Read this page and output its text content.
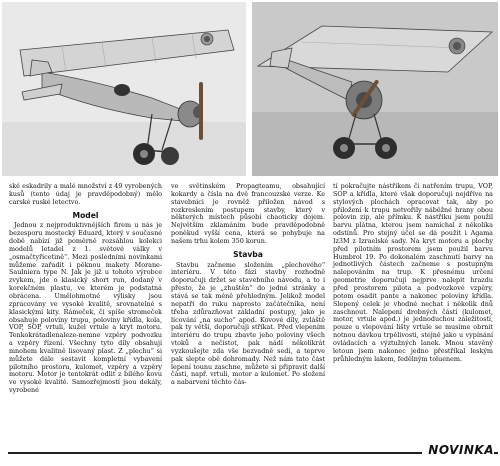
ské eskadrily a malé množství z 49 vyrobených kusů (tento údaj je pravděpodobný) mělo carské ruské letectvo.

Model

Jednou z nejproduktivnějších firem u nás je bezesporu mostecký Eduard, který v současné době nabízí již poměrně rozsáhlou kolekci modelů letadel z 1. světové války v „osmačtyřicetině“. Mezi posledními novinkami můžeme zařadit i pěknou makety Morane-Saulniera type N. Jak je již u tohoto výrobce zvykem, jde o klasický short run, dodaný v korekčném plastu, ve kterém je podstatná obrácena. Umělohmotné výlisky jsou zpracovány ve vysoké kvalitě, srovnatelné s klasickými kity. Rámeček, či spíše stromeček obsahuje poloviny trupu, poloviny křídla, kola, VOP, SOP, vrtuli, kužel vrtule a kryt motoru. Tenkokrátadlenaleze-nemne vzpěry podvozku a vzpěry řízení. Všechny tyto díly obsahují mnohem kvalitně lisovaný plast. Z „plechu“ si můžete dále sestavit kompletní vybavení pilotního prostoru, kulomet, vzpěry a vzpěry motoru. Motor je tentokrát odlit z bílého kovu ve vysoké kvalitě. Samozřejmostí jsou dekály, vyrobené

ve světinském Propagteamu, obsahující kokardy a čísla na dvě francouzské verze. Ke stavebnici je rovněž přiložen návod s rozkreslením postupem stavby, který v některých místech působí chaoticky dojem. Největším zklamáním bude pravděpodobně poněkud vyšší cena, která se pohybuje na našem trhu kolem 350 korun.

Stavba

Stavbu začneme složením „plechového“ interiéru. V této fázi stavby rozhodně doporučuji držet se stavebního návodu, a to i přesto, že je „zhuštěn“ do jedné stránky a stává se tak méně přehledným. Jelikož model nepatří do ruku naprosto začátečníka, není třeba zdůrazňovat základní postupy, jako je lícování „na sucho“ apod. Kovové díly, zvláště pak ty větší, doporučuji stříkat. Před vlepením interiéru do trupu zbavte jeho poloviny všech vtoků a nečistot, pak nádí několikrát vyzkoušejte zda vše bezvadně sedí, a teprve pak slepte obě dohromady. Než nám tato část lepení tounu zaschne, můžete si připravit další části, např. vrtuli, motor a kulomet. Po složení a nabarvení těchto čás-

tí pokračujte nástřikem či natřením trupu, VOP, SOP a křídla, které však doporučuji nejdříve na stylových plochách opracovat tak, aby po přiložení k trupu netvořily náběžné hrany obou polovin zip, ale přímku. K nástřiku jsem použil barvu plátna, kterou jsem namíchal z několika odstínů. Pro stejný účel se dá použít i Agama Iz3M z Izraelské sady. Na kryt motoru a plochy před pilotním prostorem jsem použil barvu Humbrol 19. Po dokonalém zaschnutí barvy na jednotlivých částech začneme s postupným nalepováním na trup. K přesnému určení geometrie doporučuji nejprve nalepit hrazdu před prostorem pilota a podvozkové vzpěry, potom osadit pante a nakonec poloviny křídla. Slepený celek je vhodné nechat i několik dnů zaschnout. Nalepení drobných částí (kulomet, motor, vrtule apod.) je jednoduchou záležitostí, pouze u vlepování lišty vrtule se musíme obrnit notnou dávkou trpělivosti, stejně jako u vypínání ovládacích a výztužných lanek. Mnou stavěný letoun jsem nakonec jedno přestříkal leským průhledným lakem, fedělným toluenem.

NOVINKA
